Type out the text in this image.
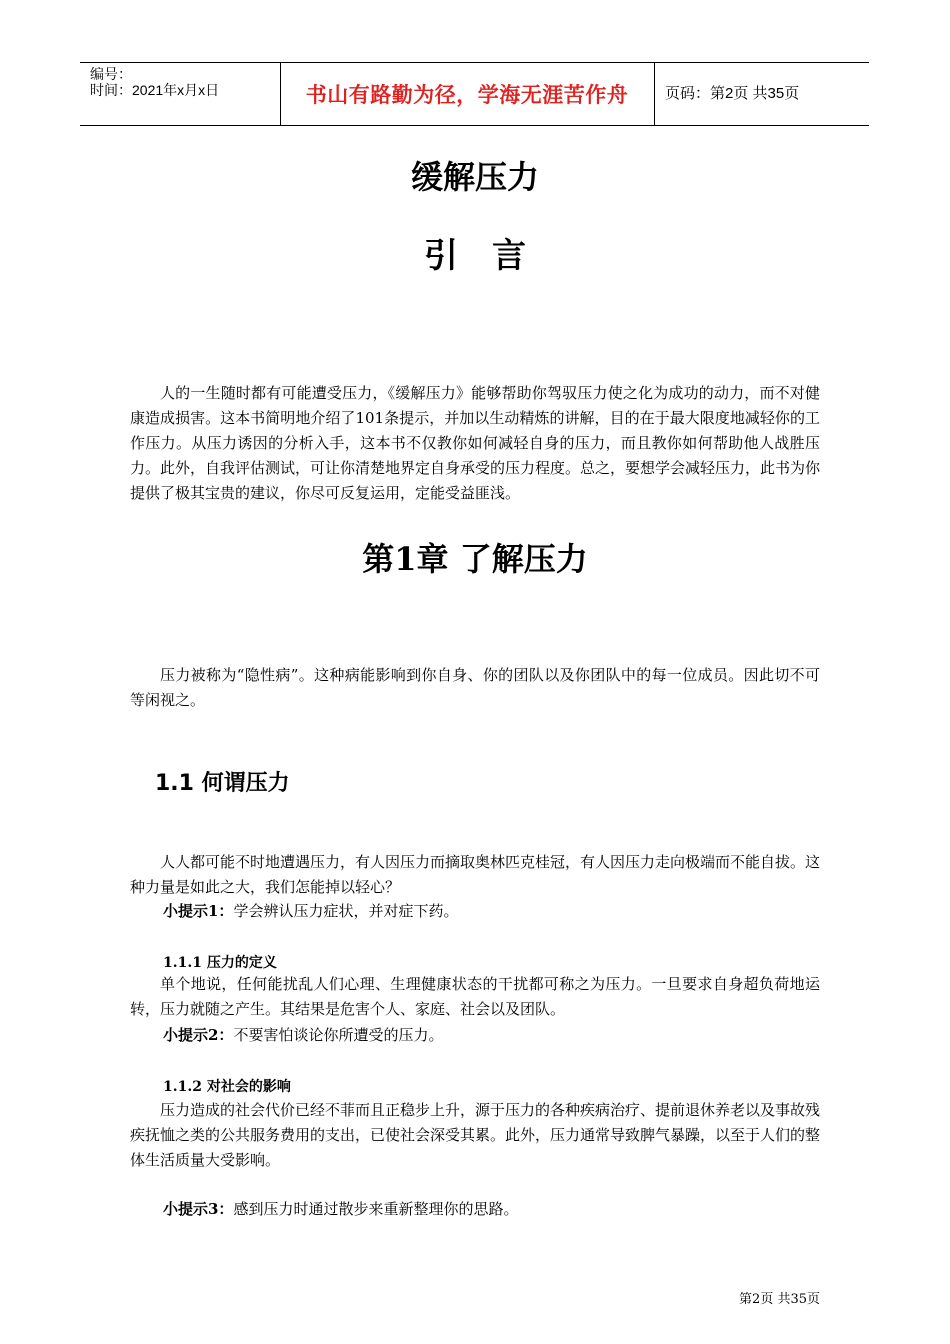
编号：
时间：2021年x月x日	书山有路勤为径，学海无涯苦作舟 页码：第2页 共35页
缓解压力
引　言
人的一生随时都有可能遭受压力，《缓解压力》能够帮助你驾驭压力使之化为成功的动力，而不对健康造成损害。这本书简明地介绍了101条提示，并加以生动精炼的讲解，目的在于最大限度地减轻你的工作压力。从压力诱因的分析入手，这本书不仅教你如何减轻自身的压力，而且教你如何帮助他人战胜压力。此外，自我评估测试，可让你清楚地界定自身承受的压力程度。总之，要想学会减轻压力，此书为你提供了极其宝贵的建议，你尽可反复运用，定能受益匪浅。
第1章 了解压力
压力被称为“隐性病”。这种病能影响到你自身、你的团队以及你团队中的每一位成员。因此切不可等闲视之。
1.1 何谓压力
人人都可能不时地遭遇压力，有人因压力而摘取奥林匹克桂冠，有人因压力走向极端而不能自拔。这种力量是如此之大，我们怎能掉以轻心？
小提示1：学会辨认压力症状，并对症下药。
1.1.1 压力的定义
单个地说，任何能扰乱人们心理、生理健康状态的干扰都可称之为压力。一旦要求自身超负荷地运转，压力就随之产生。其结果是危害个人、家庭、社会以及团队。
小提示2：不要害怕谈论你所遭受的压力。
1.1.2 对社会的影响
压力造成的社会代价已经不菲而且正稳步上升，源于压力的各种疾病治疗、提前退休养老以及事故残疾抚恤之类的公共服务费用的支出，已使社会深受其累。此外，压力通常导致脾气暴躁，以至于人们的整体生活质量大受影响。
小提示3：感到压力时通过散步来重新整理你的思路。
第2页 共35页
